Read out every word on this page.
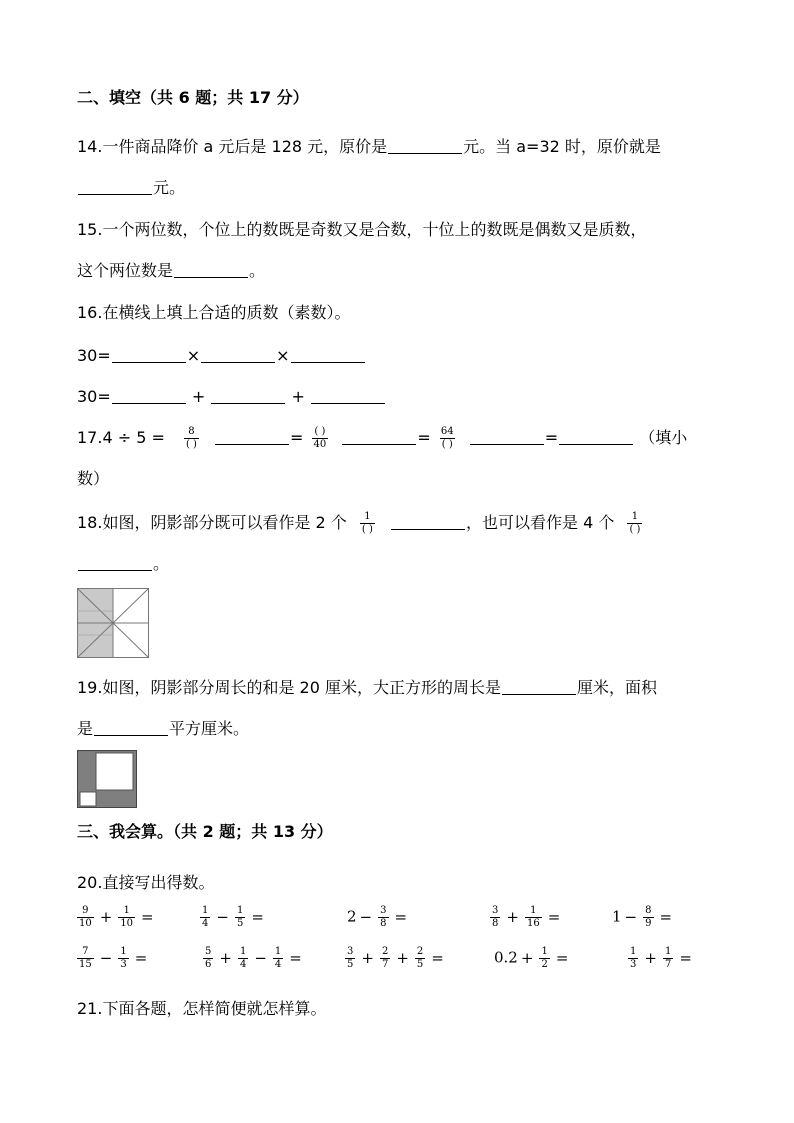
二、填空（共 6 题；共 17 分）
14.一件商品降价 a 元后是 128 元，原价是	元。当 a=32 时，原价就是
元。
15.一个两位数，个位上的数既是奇数又是合数，十位上的数既是偶数又是质数，
这个两位数是	。
16.在横线上填上合适的质数（素数）。
30=	×	×
30=	+	+
$17.4 \div 5 = \frac{8}{( )}$	= $\frac{( )}{40}$	= $\frac{64}{( )}$	=	（填小
数）
18.如图，阴影部分既可以看作是 2 个 $\frac{1}{( )}$	，也可以看作是 4 个 $\frac{1}{( )}$
。
19.如图，阴影部分周长的和是 20 厘米，大正方形的周长是	厘米，面积
是	平方厘米。
三、我会算。（共 2 题；共 13 分）
20.直接写出得数。
$\frac{9}{10} + \frac{1}{10}$ =	$\frac{1}{4} - \frac{1}{5}$ =	$2 - \frac{3}{8}$ =	$\frac{3}{8} + \frac{1}{16}$ =	$1 - \frac{8}{9}$ =
$\frac{7}{15} - \frac{1}{3}$ =	$\frac{5}{6} + \frac{1}{4} - \frac{1}{4}$ =	$\frac{3}{5} + \frac{2}{7} + \frac{2}{5}$ =	$0.2 + \frac{1}{2}$ =	$\frac{1}{3} + \frac{1}{7}$ =
21.下面各题，怎样简便就怎样算。
